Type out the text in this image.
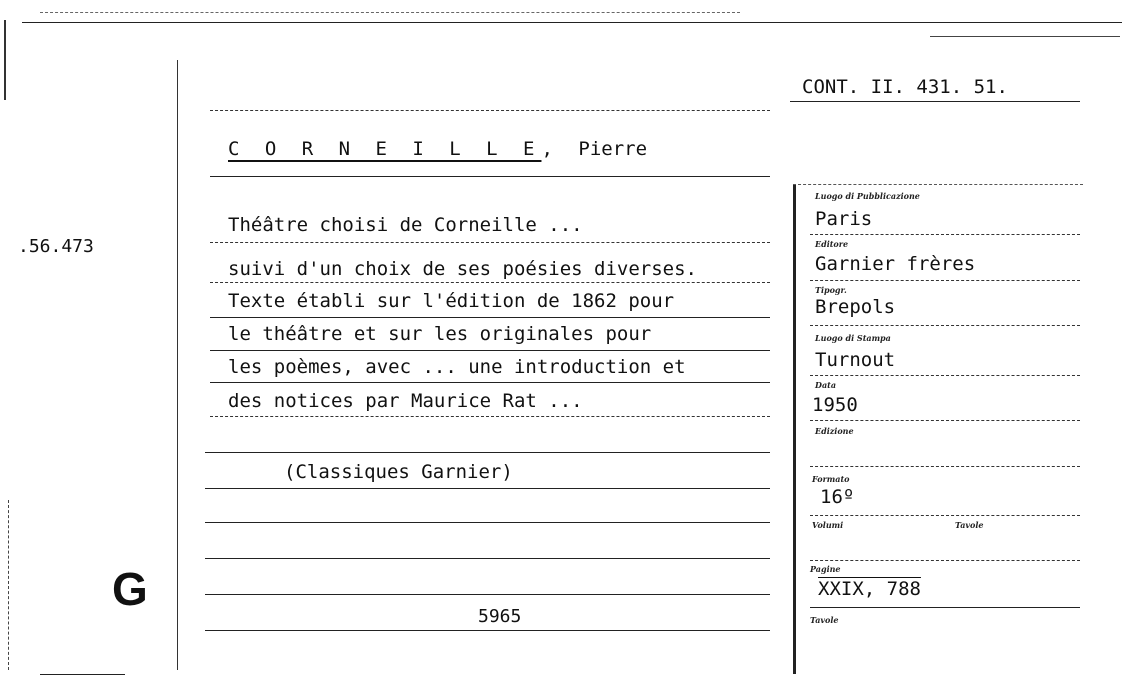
.56.473
G
CONT. II. 431. 51.
C O R N E I L L E, Pierre
Théâtre choisi de Corneille ...
suivi d'un choix de ses poésies diverses.
Texte établi sur l'édition de 1862 pour
le théâtre et sur les originales pour
les poèmes, avec ... une introduction et
des notices par Maurice Rat ...
(Classiques Garnier)
5965
Luogo di Pubblicazione
Paris
Editore
Garnier frères
Tipogr.
Brepols
Luogo di Stampa
Turnout
Data
1950
Edizione
Formato
16º
Volumi	Tavole
Pagine
XXIX, 788
Tavole
